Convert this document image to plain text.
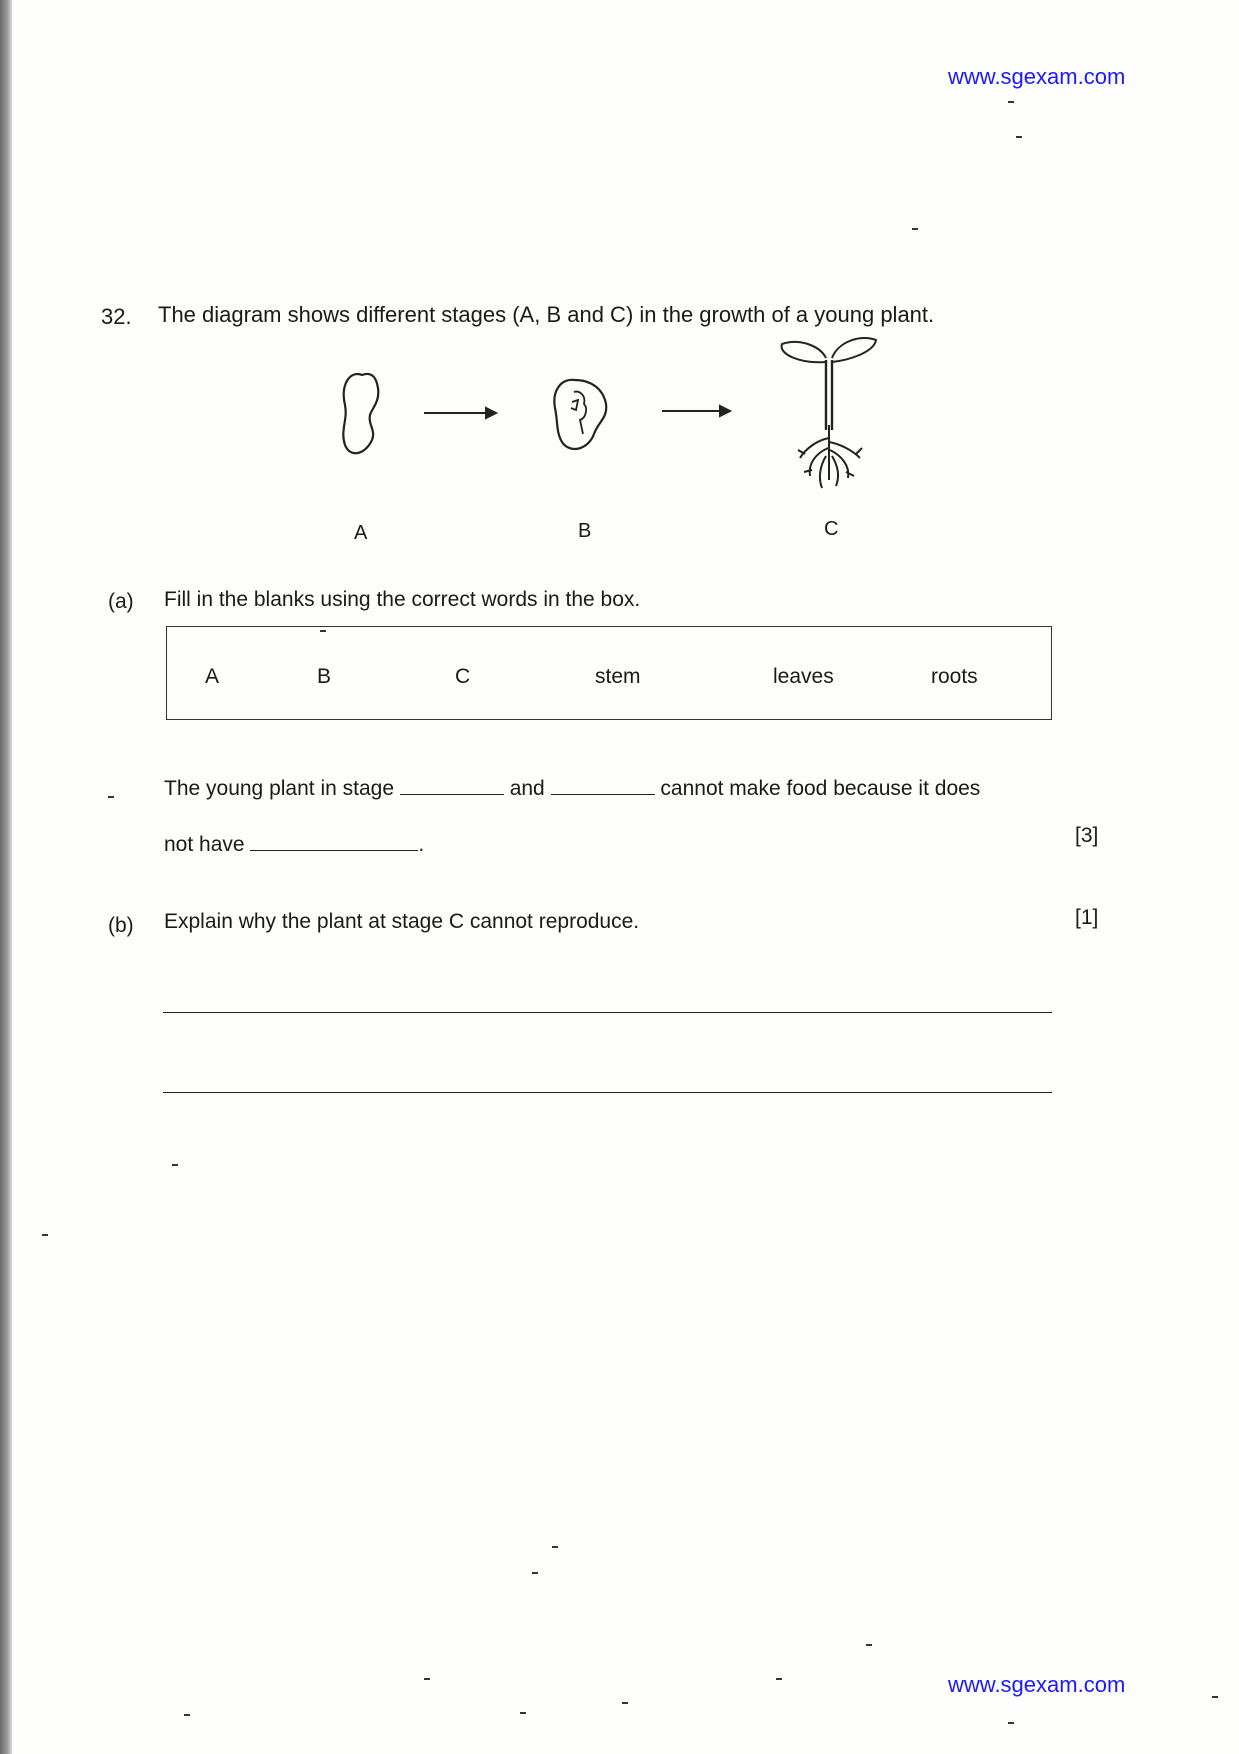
www.sgexam.com
32. The diagram shows different stages (A, B and C) in the growth of a young plant.
A	B	C
(a) Fill in the blanks using the correct words in the box.
A	B	C	stem	leaves	roots
The young plant in stage	and	cannot make food because it does
not have	.	[3]
(b) Explain why the plant at stage C cannot reproduce.	[1]
www.sgexam.com
